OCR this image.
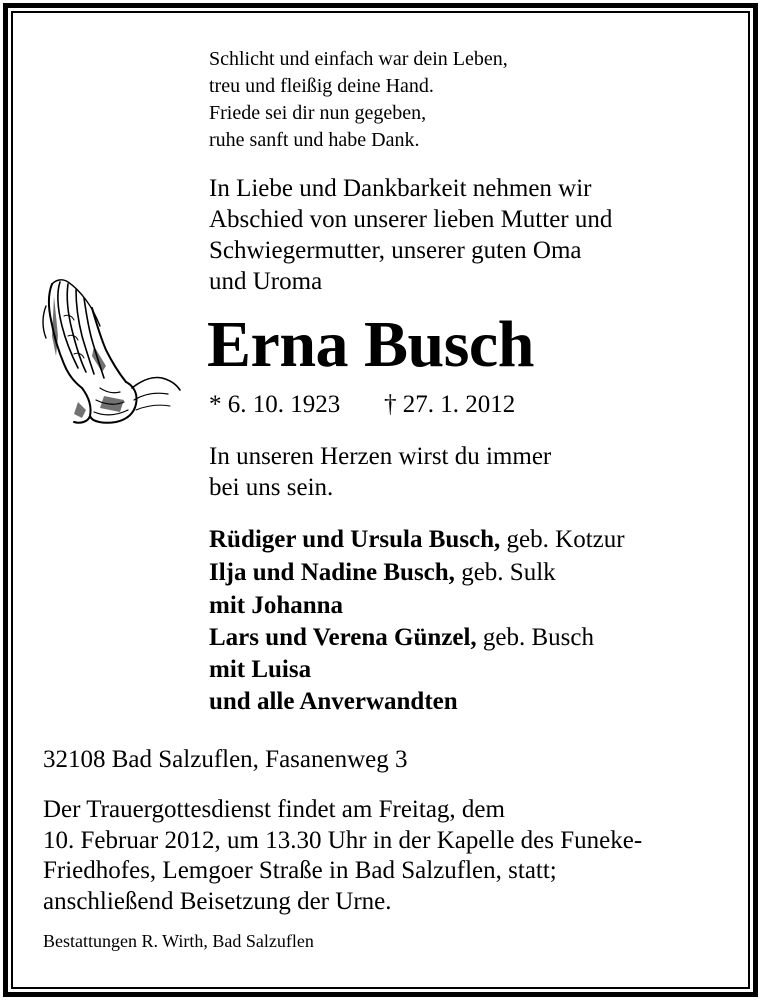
Schlicht und einfach war dein Leben,
treu und fleißig deine Hand.
Friede sei dir nun gegeben,
ruhe sanft und habe Dank.
In Liebe und Dankbarkeit nehmen wir
Abschied von unserer lieben Mutter und
Schwiegermutter, unserer guten Oma
und Uroma
Erna Busch
* 6. 10. 1923 † 27. 1. 2012
In unseren Herzen wirst du immer
bei uns sein.
Rüdiger und Ursula Busch, geb. Kotzur
Ilja und Nadine Busch, geb. Sulk
mit Johanna
Lars und Verena Günzel, geb. Busch
mit Luisa
und alle Anverwandten
32108 Bad Salzuflen, Fasanenweg 3
Der Trauergottesdienst findet am Freitag, dem
10. Februar 2012, um 13.30 Uhr in der Kapelle des Funeke-
Friedhofes, Lemgoer Straße in Bad Salzuflen, statt;
anschließend Beisetzung der Urne.
Bestattungen R. Wirth, Bad Salzuflen
